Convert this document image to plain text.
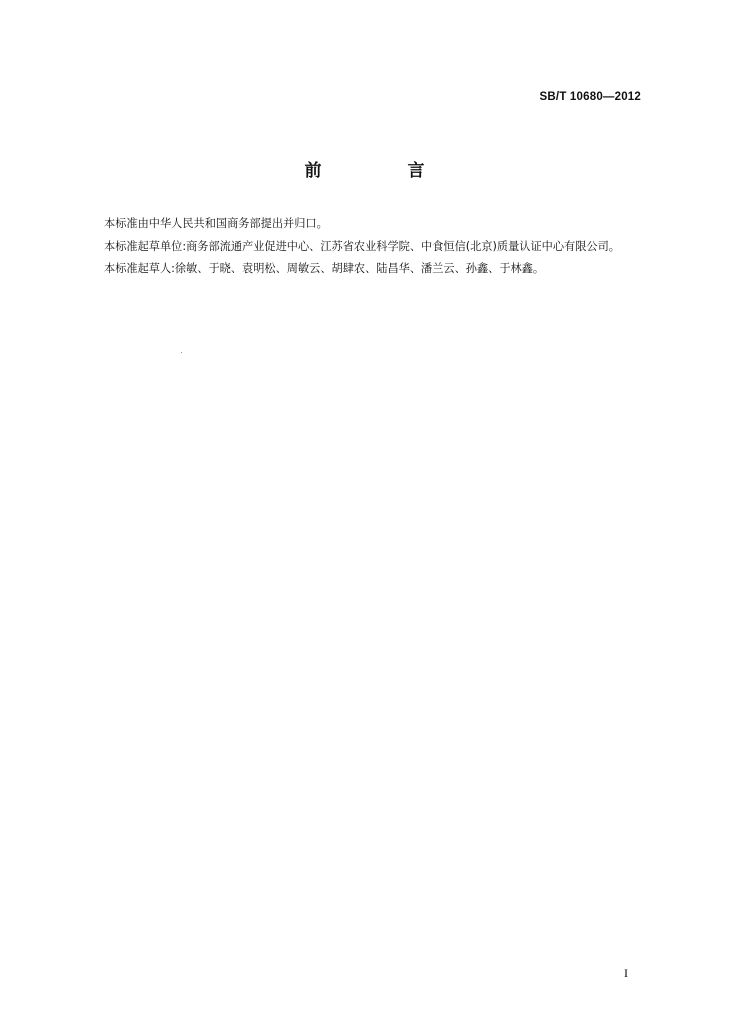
SB/T 10680—2012
前 言

本标准由中华人民共和国商务部提出并归口。

本标准起草单位:商务部流通产业促进中心、江苏省农业科学院、中食恒信(北京)质量认证中心有限公司。

本标准起草人:徐敏、于晓、袁明松、周敏云、胡肆农、陆昌华、潘兰云、孙鑫、于林鑫。

I
